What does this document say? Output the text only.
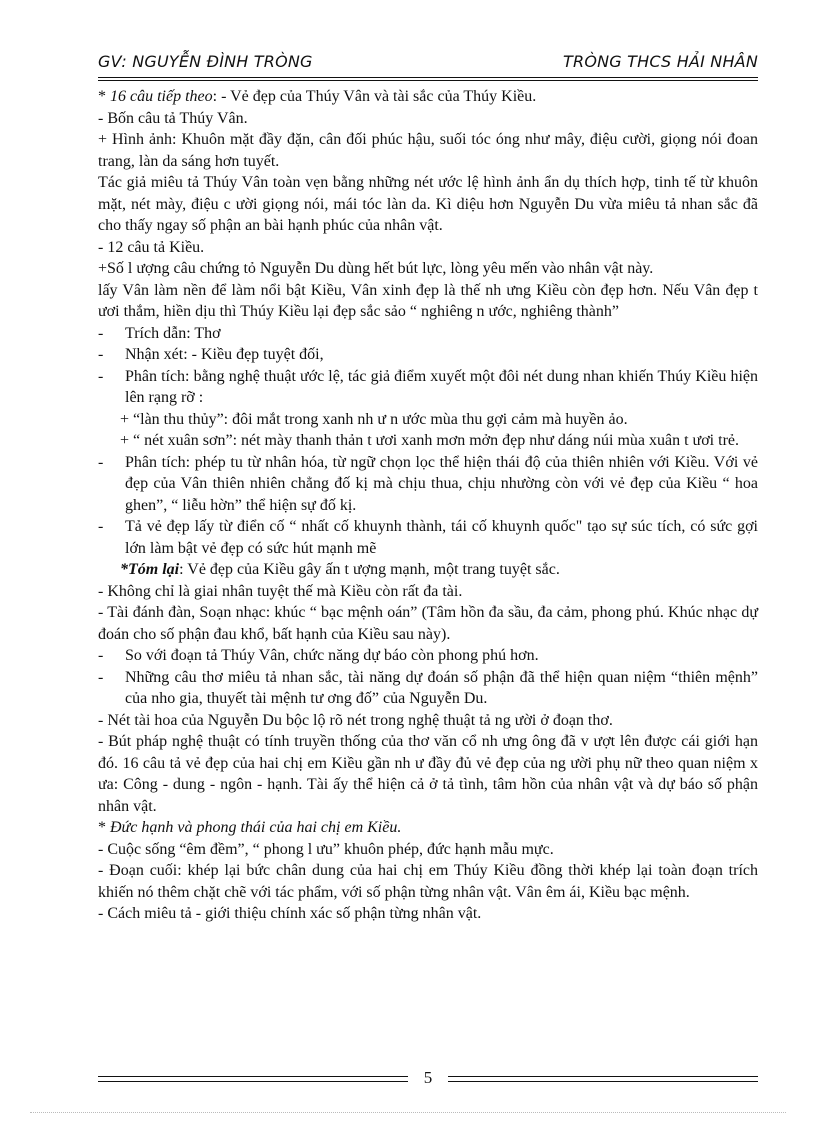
GV: NGUYỄN ĐÌNH TRÒNG	TRÒNG THCS HẢI NHÂN

* 16 câu tiếp theo: - Vẻ đẹp của Thúy Vân và tài sắc của Thúy Kiều.

- Bốn câu tả Thúy Vân.

+ Hình ảnh: Khuôn mặt đầy đặn, cân đối phúc hậu, suối tóc óng như mây, điệu cười, giọng nói đoan trang, làn da sáng hơn tuyết.

Tác giả miêu tả Thúy Vân toàn vẹn bằng những nét ước lệ hình ảnh ẩn dụ thích hợp, tinh tế từ khuôn mặt, nét mày, điệu c ười giọng nói, mái tóc làn da. Kì diệu hơn Nguyễn Du vừa miêu tả nhan sắc đã cho thấy ngay số phận an bài hạnh phúc của nhân vật.

- 12 câu tả Kiều.

+Số l ượng câu chứng tỏ Nguyễn Du dùng hết bút lực, lòng yêu mến vào nhân vật này.

lấy Vân làm nền để làm nổi bật Kiều, Vân xinh đẹp là thế nh ưng Kiều còn đẹp hơn. Nếu Vân đẹp t ươi thắm, hiền dịu thì Thúy Kiều lại đẹp sắc sảo “ nghiêng n ước, nghiêng thành”

-	Trích dẫn: Thơ

-	Nhận xét: - Kiều đẹp tuyệt đối,

-	Phân tích: bằng nghệ thuật ước lệ, tác giả điểm xuyết một đôi nét dung nhan khiến Thúy Kiều hiện lên rạng rỡ :

+ “làn thu thủy”: đôi mắt trong xanh nh ư n ước mùa thu gợi cảm mà huyền ảo.

+ “ nét xuân sơn”: nét mày thanh thản t ươi xanh mơn mởn đẹp như dáng núi mùa xuân t ươi trẻ.

-	Phân tích: phép tu từ nhân hóa, từ ngữ chọn lọc thể hiện thái độ của thiên nhiên với Kiều. Với vẻ đẹp của Vân thiên nhiên chẳng đố kị mà chịu thua, chịu nhường còn với vẻ đẹp của Kiều “ hoa ghen”, “ liễu hờn” thể hiện sự đố kị.

-	Tả vẻ đẹp lấy từ điển cố “ nhất cố khuynh thành, tái cố khuynh quốc" tạo sự súc tích, có sức gợi lớn làm bật vẻ đẹp có sức hút mạnh mẽ

*Tóm lại: Vẻ đẹp của Kiều gây ấn t ượng mạnh, một trang tuyệt sắc.

- Không chỉ là giai nhân tuyệt thế mà Kiều còn rất đa tài.

- Tài đánh đàn, Soạn nhạc: khúc “ bạc mệnh oán” (Tâm hồn đa sầu, đa cảm, phong phú. Khúc nhạc dự đoán cho số phận đau khổ, bất hạnh của Kiều sau này).

-	So với đoạn tả Thúy Vân, chức năng dự báo còn phong phú hơn.

-	Những câu thơ miêu tả nhan sắc, tài năng dự đoán số phận đã thể hiện quan niệm “thiên mệnh” của nho gia, thuyết tài mệnh tư ơng đố” của Nguyễn Du.

- Nét tài hoa của Nguyễn Du bộc lộ rõ nét trong nghệ thuật tả ng ười ở đoạn thơ.

- Bút pháp nghệ thuật có tính truyền thống của thơ văn cổ nh ưng ông đã v ượt lên được cái giới hạn đó. 16 câu tả vẻ đẹp của hai chị em Kiều gần nh ư đầy đủ vẻ đẹp của ng ười phụ nữ theo quan niệm x ưa: Công - dung - ngôn - hạnh. Tài ấy thể hiện cả ở tả tình, tâm hồn của nhân vật và dự báo số phận nhân vật.

* Đức hạnh và phong thái của hai chị em Kiều.

- Cuộc sống “êm đềm”, “ phong l ưu” khuôn phép, đức hạnh mẫu mực.

- Đoạn cuối: khép lại bức chân dung của hai chị em Thúy Kiều đồng thời khép lại toàn đoạn trích khiến nó thêm chặt chẽ với tác phẩm, với số phận từng nhân vật. Vân êm ái, Kiều bạc mệnh.

- Cách miêu tả - giới thiệu chính xác số phận từng nhân vật.

5
